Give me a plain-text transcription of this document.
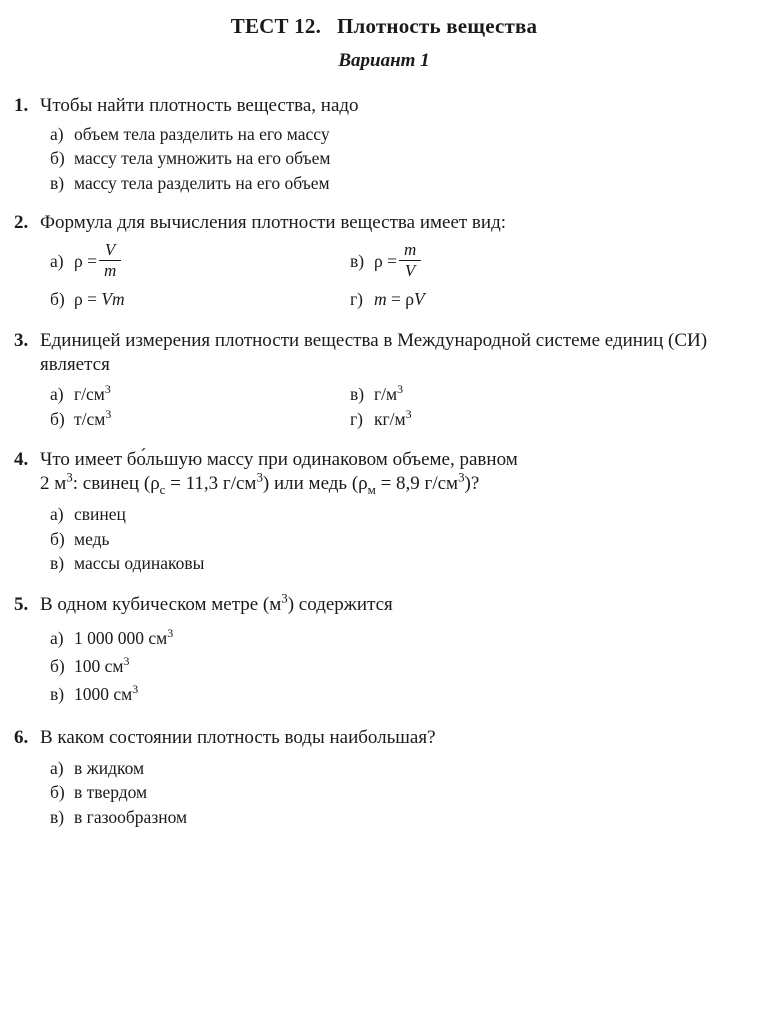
ТЕСТ 12. Плотность вещества
Вариант 1
1. Чтобы найти плотность вещества, надо
а) объем тела разделить на его массу
б) массу тела умножить на его объем
в) массу тела разделить на его объем
2. Формула для вычисления плотности вещества имеет вид:
а) $\rho = \frac{V}{m}$	в) $\rho = \frac{m}{V}$
б) ρ = Vm	г) m = ρV
3. Единицей измерения плотности вещества в Международной системе единиц (СИ) является
а) $г/см^3$	в) $г/м^3$
б) $т/см^3$	г) $кг/м^3$
4. Что имеет бо́льшую массу при одинаковом объеме, равном
2 $м^3$: свинец ($\rho_с = 11,3$ $г/см^3$) или медь ($\rho_м = 8,9$ $г/см^3$)?
а) свинец
б) медь
в) массы одинаковы
5. В одном кубическом метре $(м^3)$ содержится
а) 1 000 000 $см^3$
б) 100 $см^3$
в) 1000 $см^3$
6. В каком состоянии плотность воды наибольшая?
а) в жидком
б) в твердом
в) в газообразном
